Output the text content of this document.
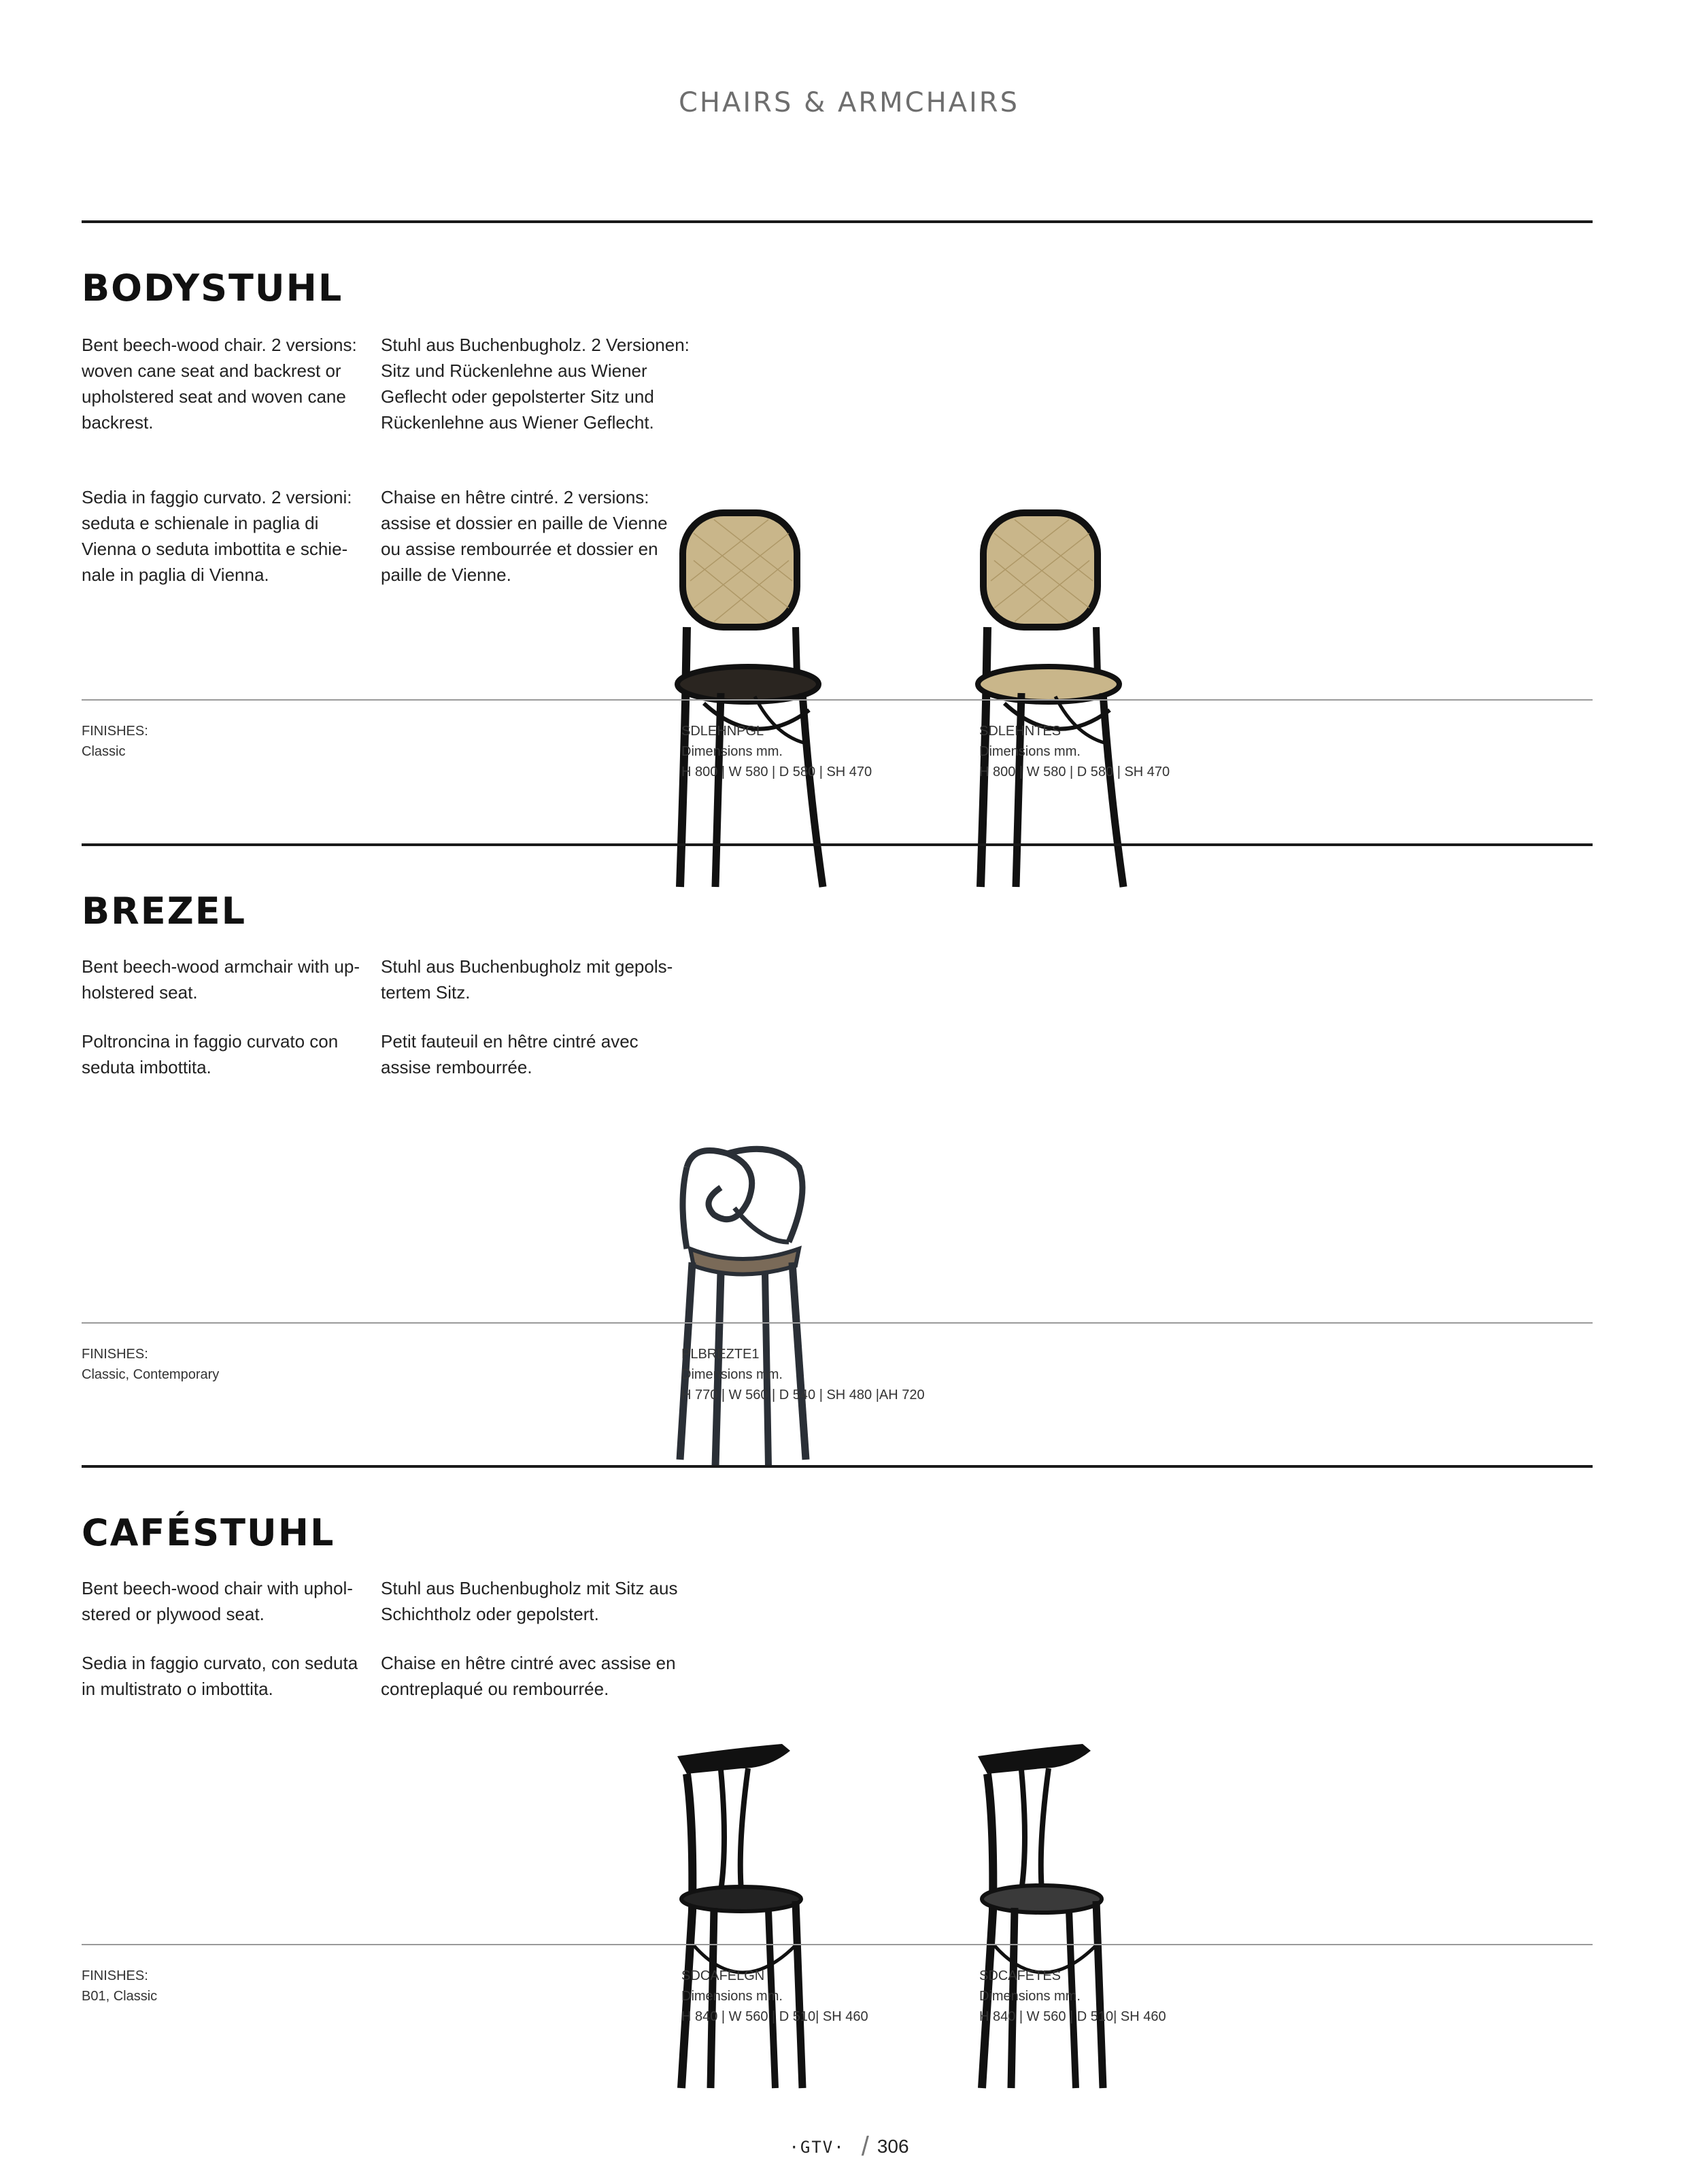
CHAIRS & ARMCHAIRS
BODYSTUHL
Bent beech-wood chair. 2 versions:
woven cane seat and backrest or
upholstered seat and woven cane
backrest.
Stuhl aus Buchenbugholz. 2 Versionen:
Sitz und Rückenlehne aus Wiener
Geflecht oder gepolsterter Sitz und
Rückenlehne aus Wiener Geflecht.
Sedia in faggio curvato. 2 versioni:
seduta e schienale in paglia di
Vienna o seduta imbottita e schie-
nale in paglia di Vienna.
Chaise en hêtre cintré. 2 versions:
assise et dossier en paille de Vienne
ou assise rembourrée et dossier en
paille de Vienne.
FINISHES:
Classic
SDLEHNPGL
Dimensions mm.
H 800 | W 580 | D 580 | SH 470
SDLEHNTES
Dimensions mm.
H 800 | W 580 | D 580 | SH 470
BREZEL
Bent beech-wood armchair with up-
holstered seat.
Stuhl aus Buchenbugholz mit gepols-
tertem Sitz.
Poltroncina in faggio curvato con
seduta imbottita.
Petit fauteuil en hêtre cintré avec
assise rembourrée.
FINISHES:
Classic, Contemporary
PLBREZTE1
Dimensions mm.
H 770 | W 560 | D 540 | SH 480 |AH 720
CAFÉSTUHL
Bent beech-wood chair with uphol-
stered or plywood seat.
Stuhl aus Buchenbugholz mit Sitz aus
Schichtholz oder gepolstert.
Sedia in faggio curvato, con seduta
in multistrato o imbottita.
Chaise en hêtre cintré avec assise en
contreplaqué ou rembourrée.
FINISHES:
B01, Classic
SDCAFELGN
Dimensions mm.
H 840 | W 560 | D 510| SH 460
SDCAFETES
Dimensions mm.
H 840 | W 560 | D 510| SH 460
·GTV· / 306
